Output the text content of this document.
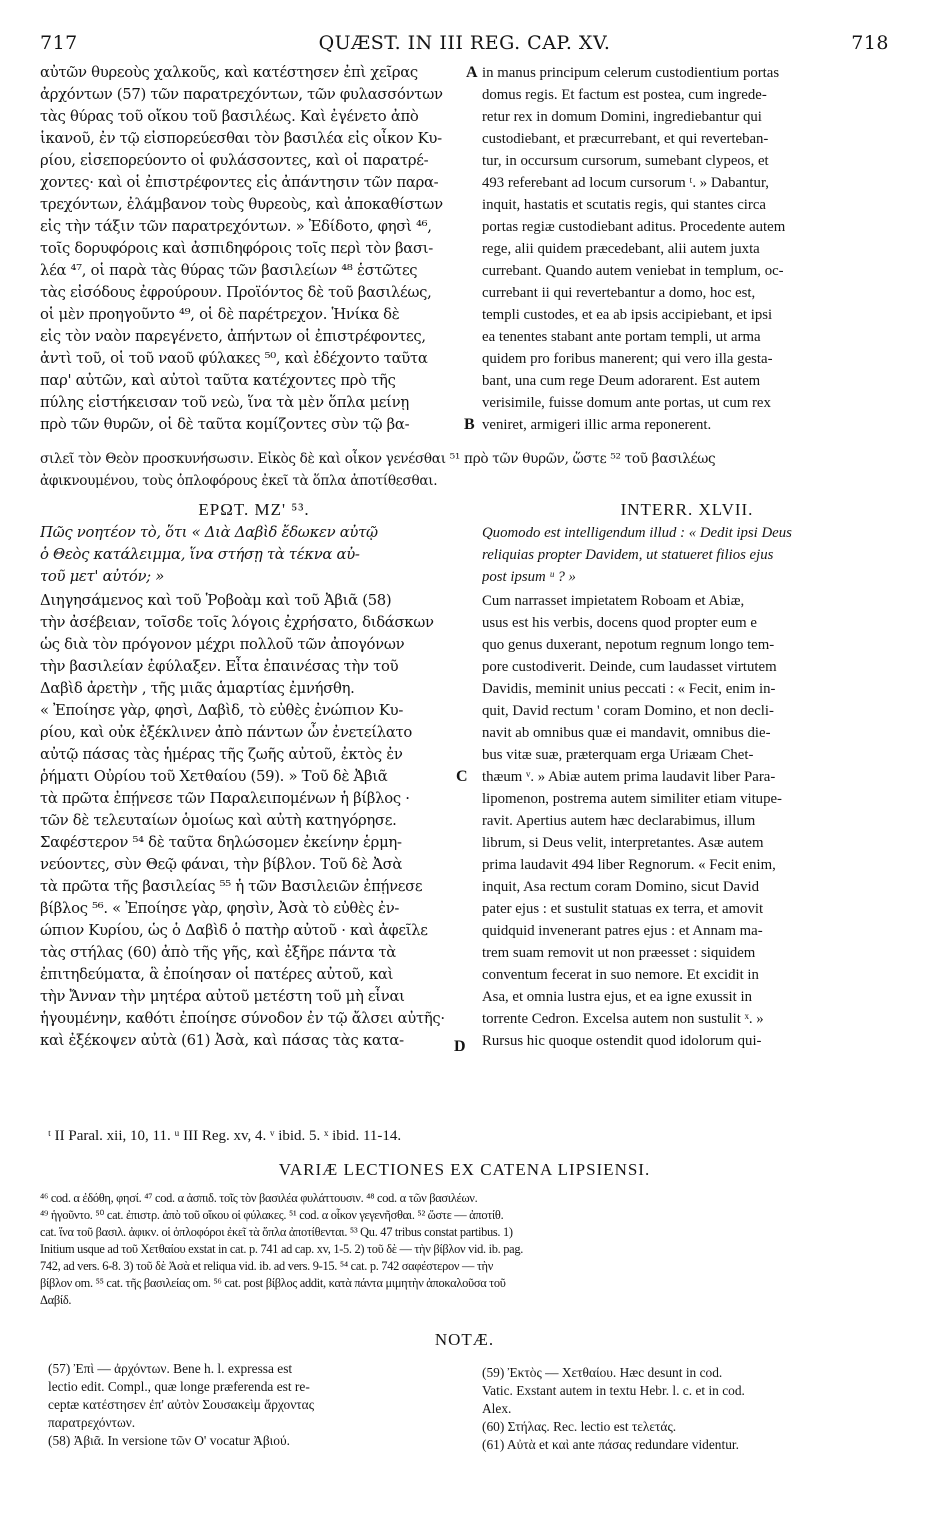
717	QUÆST. IN III REG. CAP. XV.	718
αὐτῶν θυρεοὺς χαλκοῦς, καὶ κατέστησεν ἐπὶ χεῖρας
ἀρχόντων (57) τῶν παρατρεχόντων, τῶν φυλασσόντων
τὰς θύρας τοῦ οἴκου τοῦ βασιλέως. Καὶ ἐγένετο ἀπὸ
ἱκανοῦ, ἐν τῷ εἰσπορεύεσθαι τὸν βασιλέα εἰς οἶκον Κυ-
ρίου, εἰσεπορεύοντο οἱ φυλάσσοντες, καὶ οἱ παρατρέ-
χοντες· καὶ οἱ ἐπιστρέφοντες εἰς ἀπάντησιν τῶν παρα-
τρεχόντων, ἐλάμβανον τοὺς θυρεοὺς, καὶ ἀποκαθίστων
εἰς τὴν τάξιν τῶν παρατρεχόντων. » Ἐδίδοτο, φησὶ ⁴⁶,
τοῖς δορυφόροις καὶ ἀσπιδηφόροις τοῖς περὶ τὸν βασι-
λέα ⁴⁷, οἱ παρὰ τὰς θύρας τῶν βασιλείων ⁴⁸ ἑστῶτες
τὰς εἰσόδους ἐφρούρουν. Προϊόντος δὲ τοῦ βασιλέως,
οἱ μὲν προηγοῦντο ⁴⁹, οἱ δὲ παρέτρεχον. Ἡνίκα δὲ
εἰς τὸν ναὸν παρεγένετο, ἀπήντων οἱ ἐπιστρέφοντες,
ἀντὶ τοῦ, οἱ τοῦ ναοῦ φύλακες ⁵⁰, καὶ ἐδέχοντο ταῦτα
παρ' αὐτῶν, καὶ αὐτοὶ ταῦτα κατέχοντες πρὸ τῆς
πύλης εἱστήκεισαν τοῦ νεὼ, ἵνα τὰ μὲν ὅπλα μείνῃ
πρὸ τῶν θυρῶν, οἱ δὲ ταῦτα κομίζοντες σὺν τῷ βα-
in manus principum celerum custodientium portas
domus regis. Et factum est postea, cum ingrede-
retur rex in domum Domini, ingrediebantur qui
custodiebant, et præcurrebant, et qui reverteban-
tur, in occursum cursorum, sumebant clypeos, et
493 referebant ad locum cursorum ᵗ. » Dabantur,
inquit, hastatis et scutatis regis, qui stantes circa
portas regiæ custodiebant aditus. Procedente autem
rege, alii quidem præcedebant, alii autem juxta
currebant. Quando autem veniebat in templum, oc-
currebant ii qui revertebantur a domo, hoc est,
templi custodes, et ea ab ipsis accipiebant, et ipsi
ea tenentes stabant ante portam templi, ut arma
quidem pro foribus manerent; qui vero illa gesta-
bant, una cum rege Deum adorarent. Est autem
verisimile, fuisse domum ante portas, ut cum rex
veniret, armigeri illic arma reponerent.
A
B
σιλεῖ τὸν Θεὸν προσκυνήσωσιν. Εἰκὸς δὲ καὶ οἶκον γενέσθαι ⁵¹ πρὸ τῶν θυρῶν, ὥστε ⁵² τοῦ βασιλέως
ἀφικνουμένου, τοὺς ὁπλοφόρους ἐκεῖ τὰ ὅπλα ἀποτίθεσθαι.
ΕΡΩΤ. ΜΖ' ⁵³.	INTERR. XLVII.
Πῶς νοητέον τὸ, ὅτι « Διὰ Δαβὶδ ἔδωκεν αὐτῷ
ὁ Θεὸς κατάλειμμα, ἵνα στήσῃ τὰ τέκνα αὐ-
τοῦ μετ' αὐτόν; »
Quomodo est intelligendum illud : « Dedit ipsi Deus
reliquias propter Davidem, ut statueret filios ejus
post ipsum ᵘ ? »
Διηγησάμενος καὶ τοῦ Ῥοβοὰμ καὶ τοῦ Ἀβιᾶ (58)
τὴν ἀσέβειαν, τοῖσδε τοῖς λόγοις ἐχρήσατο, διδάσκων
ὡς διὰ τὸν πρόγονον μέχρι πολλοῦ τῶν ἀπογόνων
τὴν βασιλείαν ἐφύλαξεν. Εἶτα ἐπαινέσας τὴν τοῦ
Δαβὶδ ἀρετὴν , τῆς μιᾶς ἁμαρτίας ἐμνήσθη.
« Ἐποίησε γὰρ, φησὶ, Δαβὶδ, τὸ εὐθὲς ἐνώπιον Κυ-
ρίου, καὶ οὐκ ἐξέκλινεν ἀπὸ πάντων ὧν ἐνετείλατο
αὐτῷ πάσας τὰς ἡμέρας τῆς ζωῆς αὐτοῦ, ἐκτὸς ἐν
ῥήματι Οὐρίου τοῦ Χετθαίου (59). » Τοῦ δὲ Ἀβιᾶ
τὰ πρῶτα ἐπῄνεσε τῶν Παραλειπομένων ἡ βίβλος ·
τῶν δὲ τελευταίων ὁμοίως καὶ αὐτὴ κατηγόρησε.
Σαφέστερον ⁵⁴ δὲ ταῦτα δηλώσομεν ἐκείνην ἑρμη-
νεύοντες, σὺν Θεῷ φάναι, τὴν βίβλον. Τοῦ δὲ Ἀσὰ
τὰ πρῶτα τῆς βασιλείας ⁵⁵ ἡ τῶν Βασιλειῶν ἐπῄνεσε
βίβλος ⁵⁶. « Ἐποίησε γὰρ, φησὶν, Ἀσὰ τὸ εὐθὲς ἐν-
ώπιον Κυρίου, ὡς ὁ Δαβὶδ ὁ πατὴρ αὐτοῦ · καὶ ἀφεῖλε
τὰς στήλας (60) ἀπὸ τῆς γῆς, καὶ ἐξῆρε πάντα τὰ
ἐπιτηδεύματα, ἃ ἐποίησαν οἱ πατέρες αὐτοῦ, καὶ
τὴν Ἄνναν τὴν μητέρα αὐτοῦ μετέστη τοῦ μὴ εἶναι
ἡγουμένην, καθότι ἐποίησε σύνοδον ἐν τῷ ἄλσει αὐτῆς·
καὶ ἐξέκοψεν αὐτὰ (61) Ἀσὰ, καὶ πάσας τὰς κατα-
Cum narrasset impietatem Roboam et Abiæ,
usus est his verbis, docens quod propter eum e
quo genus duxerant, nepotum regnum longo tem-
pore custodiverit. Deinde, cum laudasset virtutem
Davidis, meminit unius peccati : « Fecit, enim in-
quit, David rectum ' coram Domino, et non decli-
navit ab omnibus quæ ei mandavit, omnibus die-
bus vitæ suæ, præterquam erga Uriæam Chet-
thæum ᵛ. » Abiæ autem prima laudavit liber Para-
lipomenon, postrema autem similiter etiam vitupe-
ravit. Apertius autem hæc declarabimus, illum
librum, si Deus velit, interpretantes. Asæ autem
prima laudavit 494 liber Regnorum. « Fecit enim,
inquit, Asa rectum coram Domino, sicut David
pater ejus : et sustulit statuas ex terra, et amovit
quidquid invenerant patres ejus : et Annam ma-
trem suam removit ut non præesset : siquidem
conventum fecerat in suo nemore. Et excidit in
Asa, et omnia lustra ejus, et ea igne exussit in
torrente Cedron. Excelsa autem non sustulit ˣ. »
Rursus hic quoque ostendit quod idolorum qui-
C
D
ᵗ II Paral. xii, 10, 11. ᵘ III Reg. xv, 4. ᵛ ibid. 5. ˣ ibid. 11-14.
VARIÆ LECTIONES EX CATENA LIPSIENSI.
⁴⁶ cod. α ἐδόθη, φησί. ⁴⁷ cod. α ἀσπιδ. τοῖς τὸν βασιλέα φυλάττουσιν. ⁴⁸ cod. α τῶν βασιλέων.
⁴⁹ ἡγοῦντο. ⁵⁰ cat. ἐπιστρ. ἀπὸ τοῦ οἴκου οἱ φύλακες. ⁵¹ cod. α οἶκον γεγενῆσθαι. ⁵² ὥστε — ἀποτίθ.
cat. ἵνα τοῦ βασιλ. ἀφικν. οἱ ὁπλοφόροι ἐκεῖ τὰ ὅπλα ἀποτίθενται. ⁵³ Qu. 47 tribus constat partibus. 1)
Initium usque ad τοῦ Χετθαίου exstat in cat. p. 741 ad cap. xv, 1-5. 2) τοῦ δὲ — τὴν βίβλον vid. ib. pag.
742, ad vers. 6-8. 3) τοῦ δὲ Ἀσὰ et reliqua vid. ib. ad vers. 9-15. ⁵⁴ cat. p. 742 σαφέστερον — τὴν
βίβλον om. ⁵⁵ cat. τῆς βασιλείας om. ⁵⁶ cat. post βίβλος addit, κατὰ πάντα μιμητὴν ἀποκαλοῦσα τοῦ
Δαβίδ.
NOTÆ.
(57) Ἐπὶ — ἀρχόντων. Bene h. l. expressa est
lectio edit. Compl., quæ longe præferenda est re-
ceptæ κατέστησεν ἐπ' αὐτὸν Σουσακεὶμ ἄρχοντας
παρατρεχόντων.
(58) Ἀβιᾶ. In versione τῶν Ο' vocatur Ἀβιού.
(59) Ἐκτὸς — Χετθαίου. Hæc desunt in cod.
Vatic. Exstant autem in textu Hebr. l. c. et in cod.
Alex.
(60) Στήλας. Rec. lectio est τελετάς.
(61) Αὐτὰ et καὶ ante πάσας redundare videntur.
